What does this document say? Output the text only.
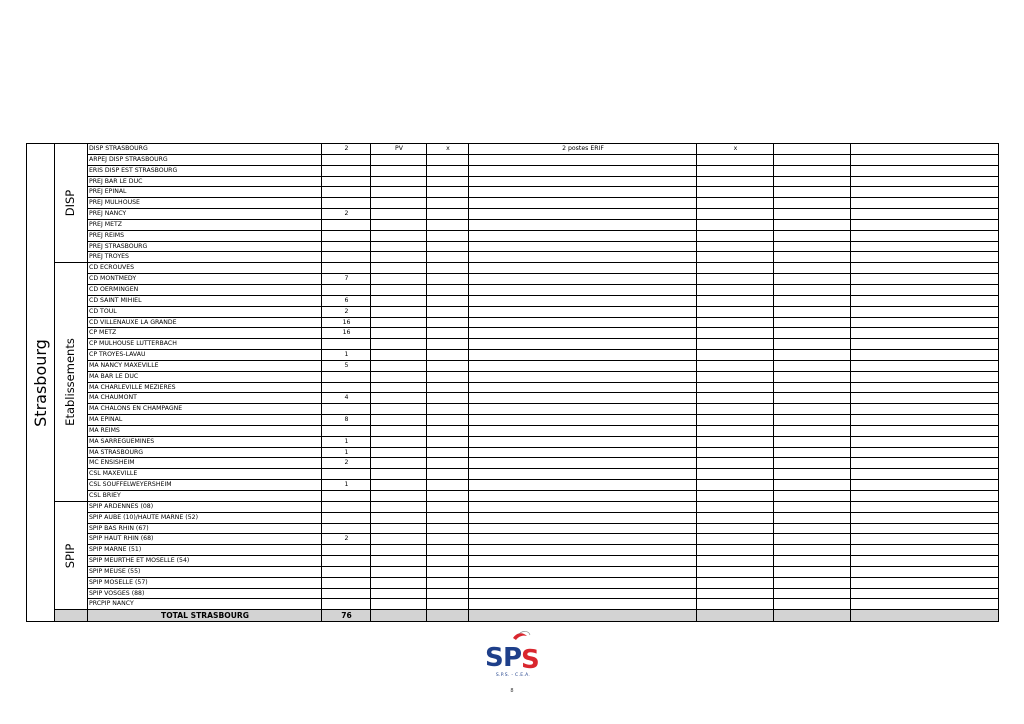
Strasbourg	DISP	DISP STRASBOURG	2	PV	x	2 postes ERIF	x		
		ARPEJ DISP STRASBOURG							
		ERIS DISP EST STRASBOURG							
		PREJ BAR LE DUC							
		PREJ EPINAL							
		PREJ MULHOUSE							
		PREJ NANCY	2						
		PREJ METZ							
		PREJ REIMS							
		PREJ STRASBOURG							
		PREJ TROYES							

	Etablissements	CD ECROUVES							
		CD MONTMEDY	7						
		CD OERMINGEN							
		CD SAINT MIHIEL	6						
		CD TOUL	2						
		CD VILLENAUXE LA GRANDE	16						
		CP METZ	16						
		CP MULHOUSE LUTTERBACH							
		CP TROYES-LAVAU	1						
		MA NANCY MAXEVILLE	5						
		MA BAR LE DUC							
		MA CHARLEVILLE MEZIERES							
		MA CHAUMONT	4						
		MA CHALONS EN CHAMPAGNE							
		MA EPINAL	8						
		MA REIMS							
		MA SARREGUEMINES	1						
		MA STRASBOURG	1						
		MC ENSISHEIM	2						
		CSL MAXEVILLE							
		CSL SOUFFELWEYERSHEIM	1						
		CSL BRIEY							

	SPIP	SPIP ARDENNES (08)							
		SPIP AUBE (10)/HAUTE MARNE (52)							
		SPIP BAS RHIN (67)							
		SPIP HAUT RHIN (68)	2						
		SPIP MARNE (51)							
		SPIP MEURTHE ET MOSELLE (54)							
		SPIP MEUSE (55)							
		SPIP MOSELLE (57)							
		SPIP VOSGES (88)							
		PRCPIP NANCY							
		TOTAL STRASBOURG	76						
S P
S
S.P.S. - C.E.A.
8
